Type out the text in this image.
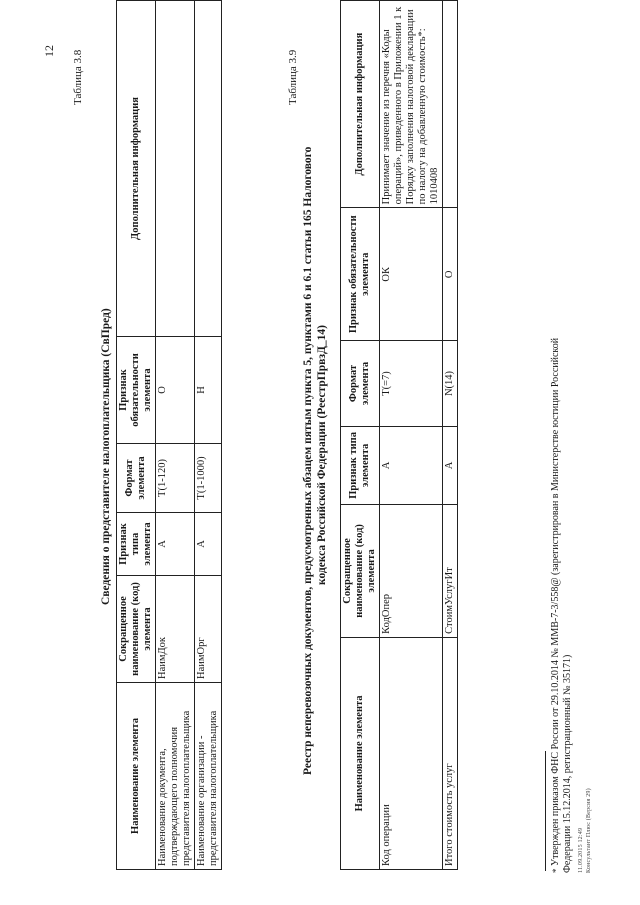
12 Таблица 3.8
Сведения о представителе налогоплательщика (СвПред)
Наименование элемента	Сокращенное наименование (код) элемента	Признак типа элемента	Формат элемента	Признак обязательности элемента	Дополнительная информация
Наименование документа, подтверждающего полномочия представителя налогоплательщика	НаимДок	А	Т(1-120)	О	
Наименование организации - представителя налогоплательщика	НаимОрг	А	Т(1-1000)	Н	
Таблица 3.9
Реестр неперевозочных документов, предусмотренных абзацем пятым пункта 5, пунктами 6 и 6.1 статьи 165 Налогового кодекса Российской Федерации (РеестрПрвзД_14)
Наименование элемента	Сокращенное наименование (код) элемента	Признак типа элемента	Формат элемента	Признак обязательности элемента	Дополнительная информация
Код операции	КодОпер	А	Т(=7)	ОК	Принимает значение из перечня «Коды операций», приведенного в Приложении 1 к Порядку заполнения налоговой декларации по налогу на добавленную стоимость*: 1010408
Итого стоимость услуг	СтоимУслугИт	А	N(14)	О	
* Утвержден приказом ФНС России от 29.10.2014 № ММВ-7-3/558@ (зарегистрирован в Министерстве юстиции Российской Федерации 15.12.2014, регистрационный № 35171) 11.09.2015 12:49 Консультант Плюс (Версия 29)
